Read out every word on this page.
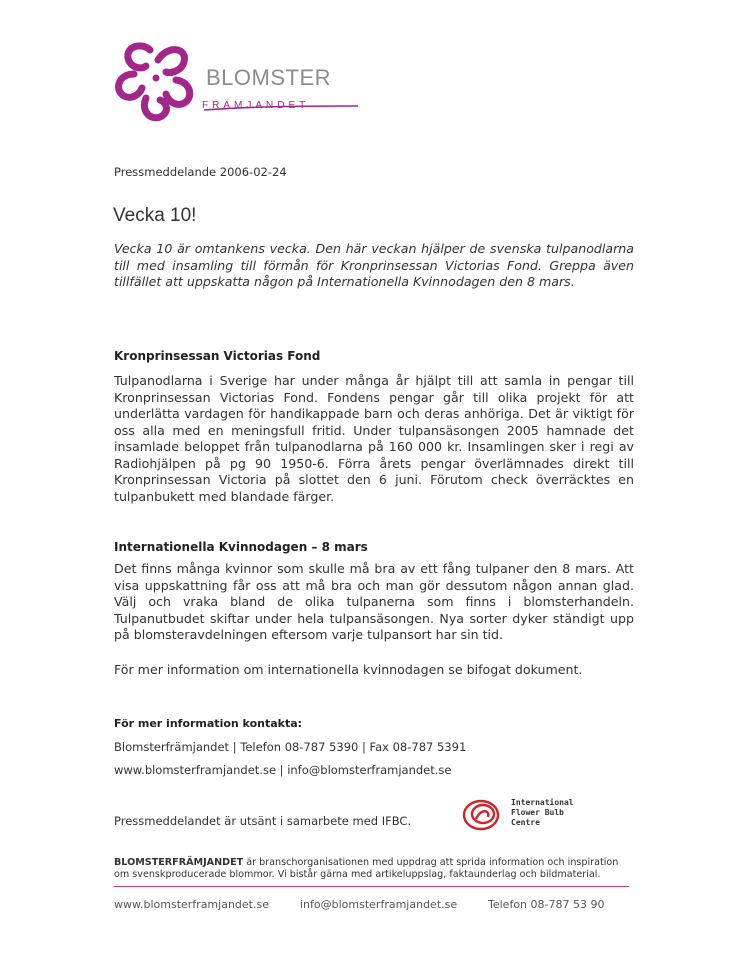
BLOMSTER
FRÄMJANDET
Pressmeddelande 2006-02-24
Vecka 10!
Vecka 10 är omtankens vecka. Den här veckan hjälper de svenska tulpanodlarna till med insamling till förmån för Kronprinsessan Victorias Fond. Greppa även tillfället att uppskatta någon på Internationella Kvinnodagen den 8 mars.
Kronprinsessan Victorias Fond
Tulpanodlarna i Sverige har under många år hjälpt till att samla in pengar till Kronprinsessan Victorias Fond. Fondens pengar går till olika projekt för att underlätta vardagen för handikappade barn och deras anhöriga. Det är viktigt för oss alla med en meningsfull fritid. Under tulpansäsongen 2005 hamnade det insamlade beloppet från tulpanodlarna på 160 000 kr. Insamlingen sker i regi av Radiohjälpen på pg 90 1950-6. Förra årets pengar överlämnades direkt till Kronprinsessan Victoria på slottet den 6 juni. Förutom check överräcktes en tulpanbukett med blandade färger.
Internationella Kvinnodagen – 8 mars
Det finns många kvinnor som skulle må bra av ett fång tulpaner den 8 mars. Att visa uppskattning får oss att må bra och man gör dessutom någon annan glad. Välj och vraka bland de olika tulpanerna som finns i blomsterhandeln. Tulpanutbudet skiftar under hela tulpansäsongen. Nya sorter dyker ständigt upp på blomsteravdelningen eftersom varje tulpansort har sin tid.
För mer information om internationella kvinnodagen se bifogat dokument.
För mer information kontakta:
Blomsterfrämjandet | Telefon 08-787 5390 | Fax 08-787 5391
www.blomsterframjandet.se | info@blomsterframjandet.se
Pressmeddelandet är utsänt i samarbete med IFBC.
International
Flower Bulb
Centre
BLOMSTERFRÄMJANDET är branschorganisationen med uppdrag att sprida information och inspiration om svenskproducerade blommor. Vi bistår gärna med artikeluppslag, faktaunderlag och bildmaterial.
www.blomsterframjandet.se	info@blomsterframjandet.se	Telefon 08-787 53 90
